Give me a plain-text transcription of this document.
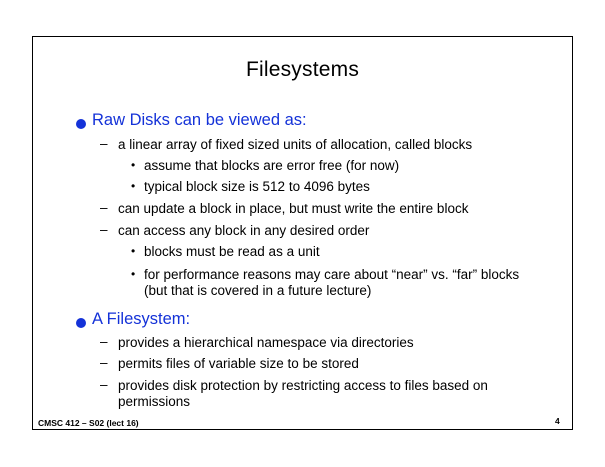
Filesystems
Raw Disks can be viewed as:
– a linear array of fixed sized units of allocation, called blocks
• assume that blocks are error free (for now)
• typical block size is 512 to 4096 bytes
– can update a block in place, but must write the entire block
– can access any block in any desired order
• blocks must be read as a unit
• for performance reasons may care about “near” vs. “far” blocks (but that is covered in a future lecture)
A Filesystem:
– provides a hierarchical namespace via directories
– permits files of variable size to be stored
– provides disk protection by restricting access to files based on permissions
CMSC 412 – S02 (lect 16)	4
